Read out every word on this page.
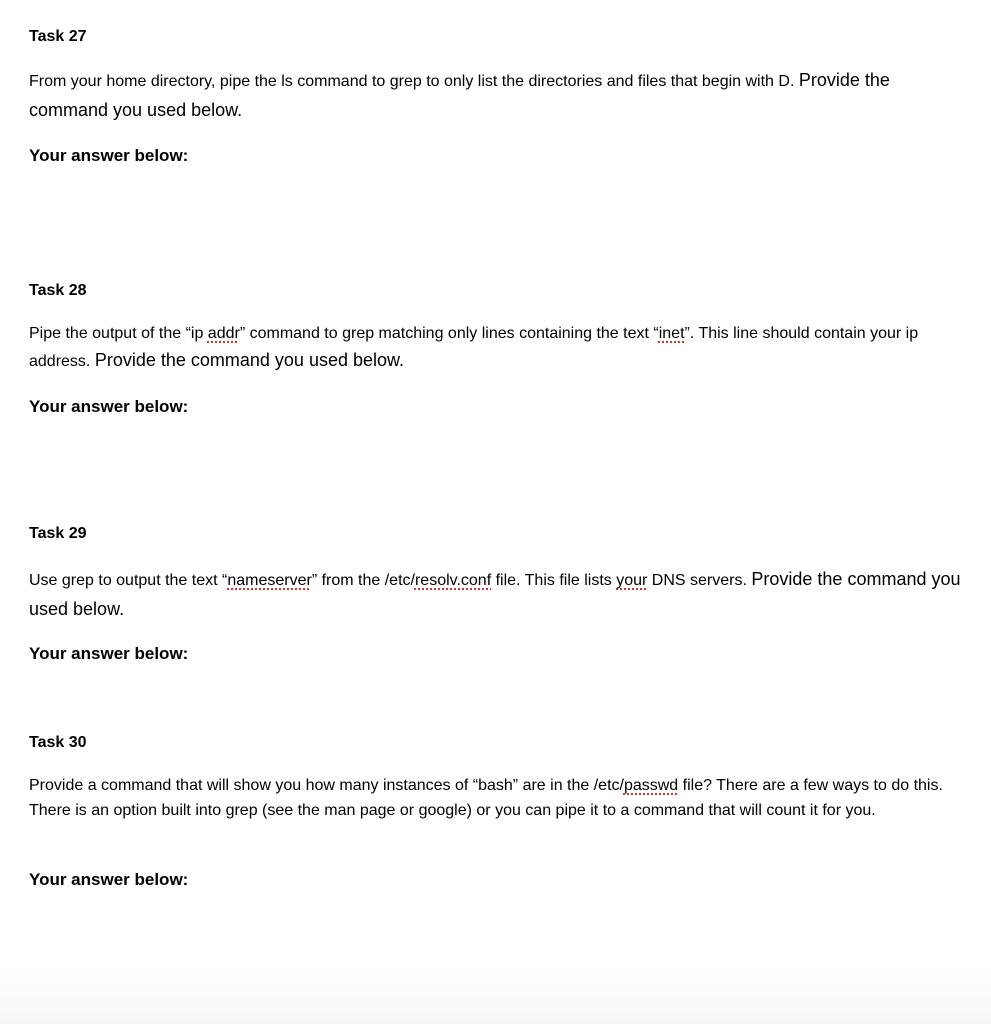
Task 27

From your home directory, pipe the ls command to grep to only list the directories and files that begin with D. Provide the command you used below.

Your answer below:

Task 28

Pipe the output of the “ip addr” command to grep matching only lines containing the text “inet”. This line should contain your ip address. Provide the command you used below.

Your answer below:

Task 29

Use grep to output the text “nameserver” from the /etc/resolv.conf file. This file lists your DNS servers. Provide the command you used below.

Your answer below:

Task 30

Provide a command that will show you how many instances of “bash” are in the /etc/passwd file? There are a few ways to do this. There is an option built into grep (see the man page or google) or you can pipe it to a command that will count it for you.

Your answer below:
